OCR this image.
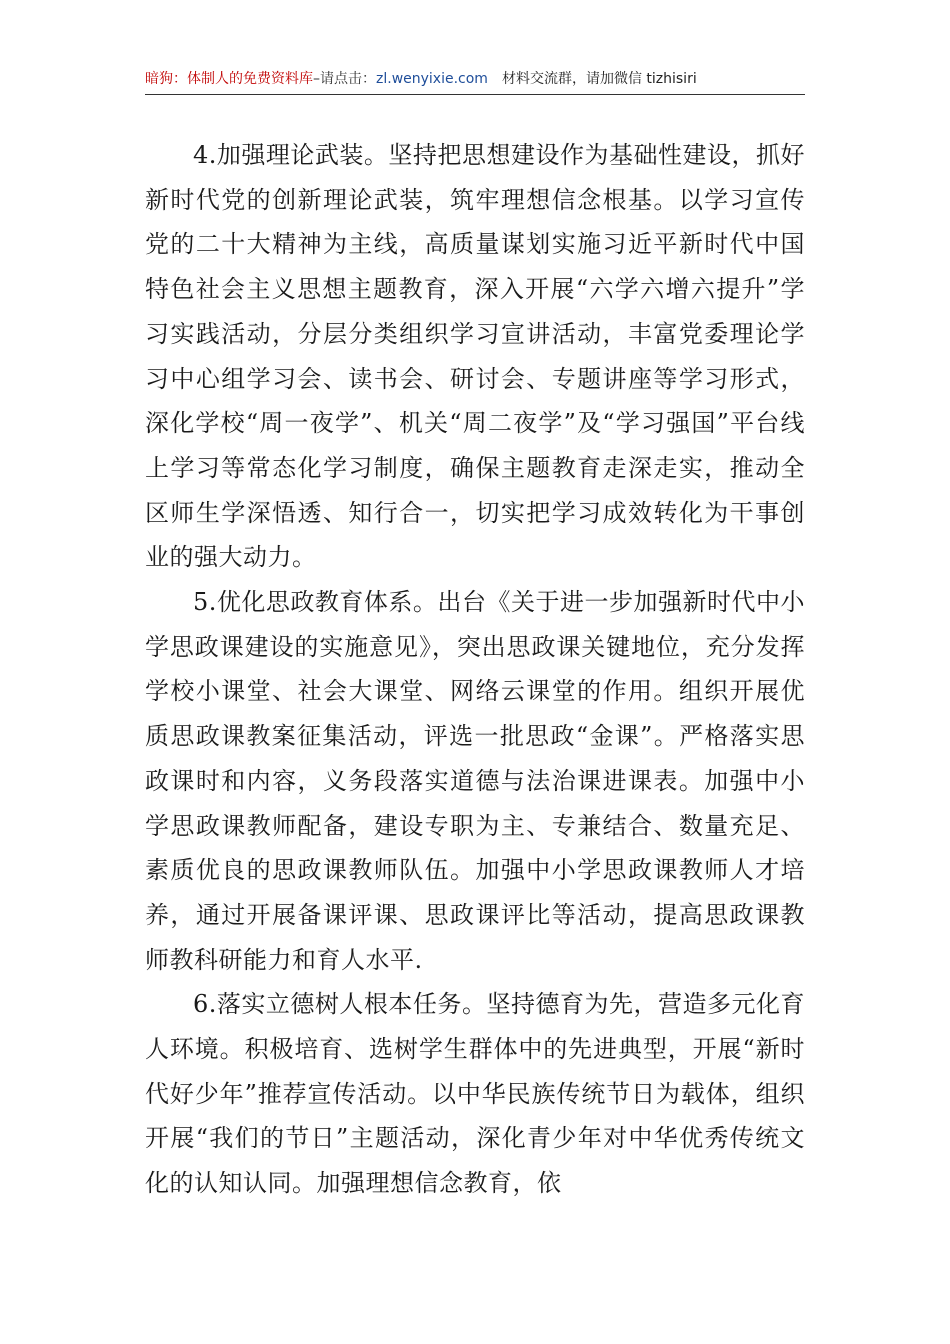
暗狗：体制人的免费资料库–请点击：zl.wenyixie.com 材料交流群，请加微信 tizhisiri

4.加强理论武装。坚持把思想建设作为基础性建设，抓好新时代党的创新理论武装，筑牢理想信念根基。以学习宣传党的二十大精神为主线，高质量谋划实施习近平新时代中国特色社会主义思想主题教育，深入开展“六学六增六提升”学习实践活动，分层分类组织学习宣讲活动，丰富党委理论学习中心组学习会、读书会、研讨会、专题讲座等学习形式，深化学校“周一夜学”、机关“周二夜学”及“学习强国”平台线上学习等常态化学习制度，确保主题教育走深走实，推动全区师生学深悟透、知行合一，切实把学习成效转化为干事创业的强大动力。

5.优化思政教育体系。出台《关于进一步加强新时代中小学思政课建设的实施意见》，突出思政课关键地位，充分发挥学校小课堂、社会大课堂、网络云课堂的作用。组织开展优质思政课教案征集活动，评选一批思政“金课”。严格落实思政课时和内容，义务段落实道德与法治课进课表。加强中小学思政课教师配备，建设专职为主、专兼结合、数量充足、素质优良的思政课教师队伍。加强中小学思政课教师人才培养，通过开展备课评课、思政课评比等活动，提高思政课教师教科研能力和育人水平.

6.落实立德树人根本任务。坚持德育为先，营造多元化育人环境。积极培育、选树学生群体中的先进典型，开展“新时代好少年”推荐宣传活动。以中华民族传统节日为载体，组织开展“我们的节日”主题活动，深化青少年对中华优秀传统文化的认知认同。加强理想信念教育，依
